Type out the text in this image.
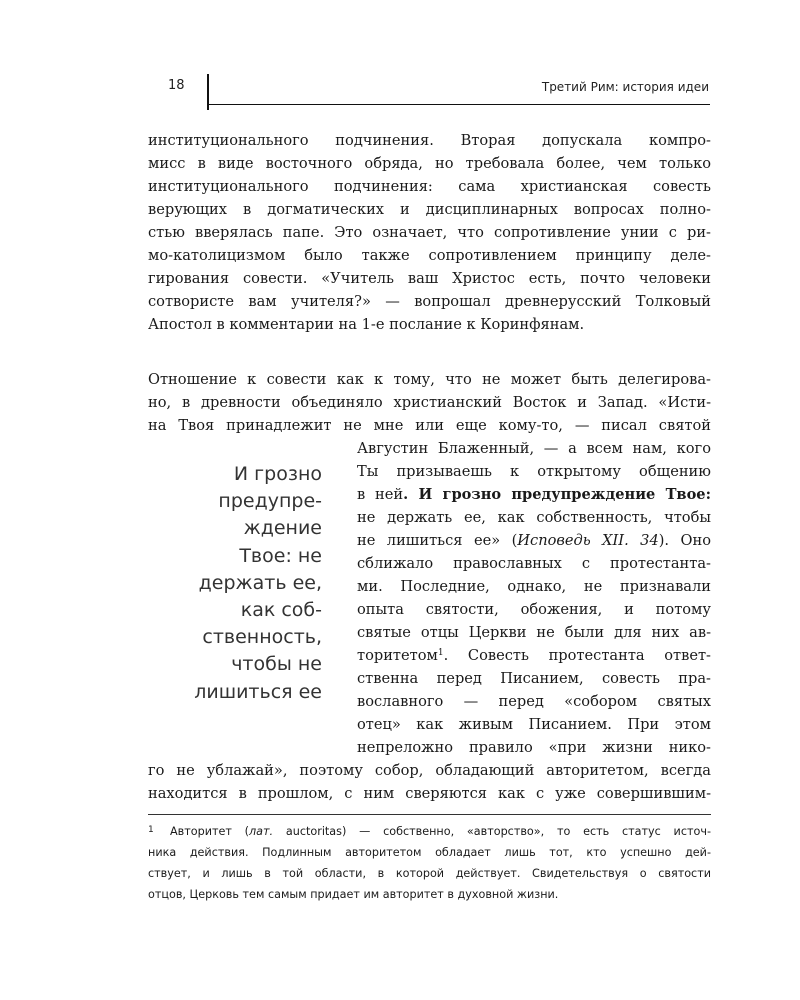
18	Третий Рим: история идеи
институционального подчинения. Вторая допускала компро-
мисс в виде восточного обряда, но требовала более, чем только
институционального подчинения: сама христианская совесть
верующих в догматических и дисциплинарных вопросах полно-
стью вверялась папе. Это означает, что сопротивление унии с ри-
мо-католицизмом было также сопротивлением принципу деле-
гирования совести. «Учитель ваш Христос есть, почто человеки
сотвористе вам учителя?» — вопрошал древнерусский Толковый
Апостол в комментарии на 1-е послание к Коринфянам.
Отношение к совести как к тому, что не может быть делегирова-
но, в древности объединяло христианский Восток и Запад. «Исти-
на Твоя принадлежит не мне или еще кому-то, — писал святой
И грозно
предупре-
ждение
Твое: не
держать ее,
как соб-
ственность,
чтобы не
лишиться ее
Августин Блаженный, — а всем нам, кого
Ты призываешь к открытому общению
в ней. И грозно предупреждение Твое:
не держать ее, как собственность, чтобы
не лишиться ее» (Исповедь XII. 34). Оно
сближало православных с протестанта-
ми. Последние, однако, не признавали
опыта святости, обожения, и потому
святые отцы Церкви не были для них ав-
торитетом$^1$. Совесть протестанта ответ-
ственна перед Писанием, совесть пра-
вославного — перед «собором святых
отец» как живым Писанием. При этом
непреложно правило «при жизни нико-
го не ублажай», поэтому собор, обладающий авторитетом, всегда
находится в прошлом, с ним сверяются как с уже совершившим-
1 Авторитет (лат. auctoritas) — собственно, «авторство», то есть статус источ-
ника действия. Подлинным авторитетом обладает лишь тот, кто успешно дей-
ствует, и лишь в той области, в которой действует. Свидетельствуя о святости
отцов, Церковь тем самым придает им авторитет в духовной жизни.
